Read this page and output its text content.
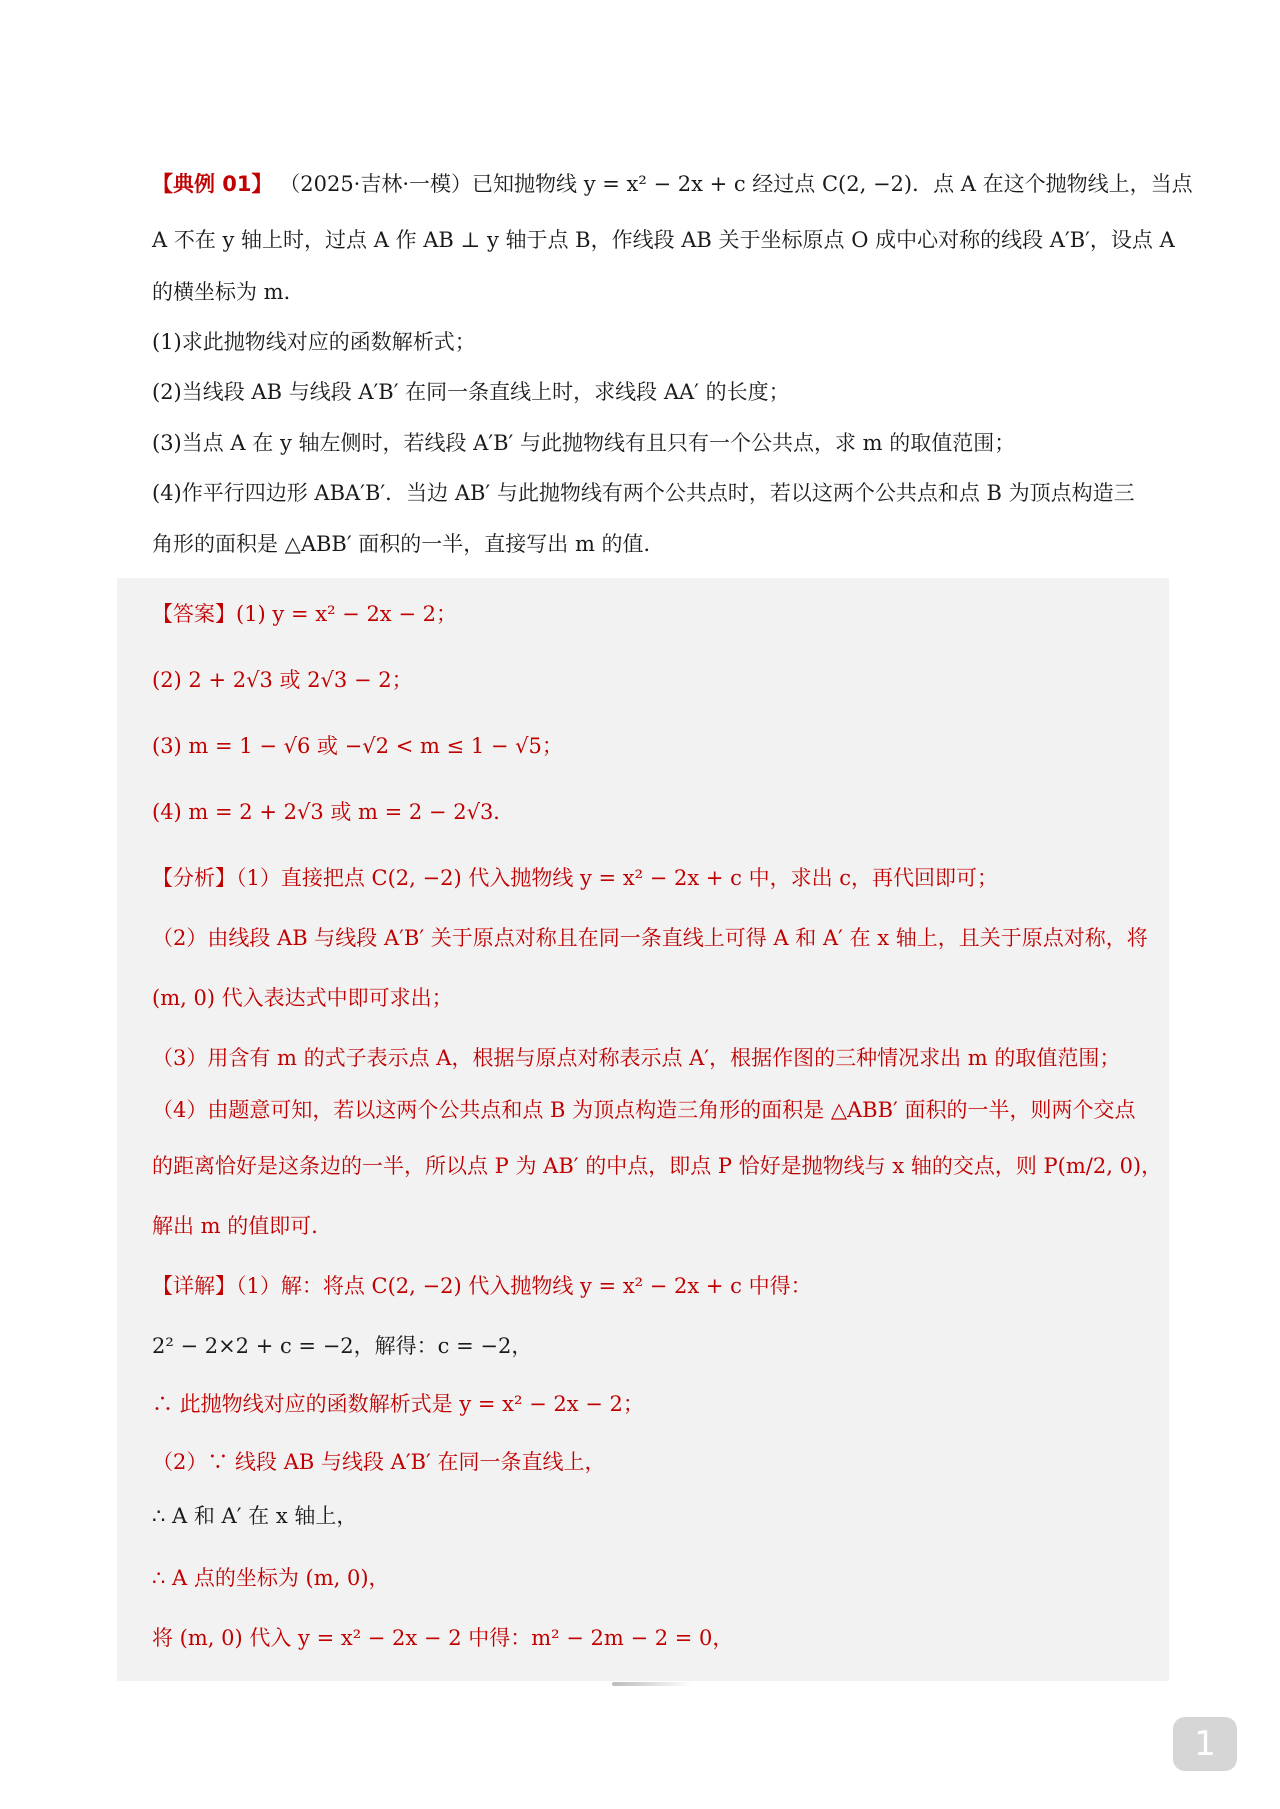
【典例 01】 （2025·吉林·一模）已知抛物线 y = x² − 2x + c 经过点 C(2, −2)．点 A 在这个抛物线上，当点
A 不在 y 轴上时，过点 A 作 AB ⊥ y 轴于点 B，作线段 AB 关于坐标原点 O 成中心对称的线段 A′B′，设点 A
的横坐标为 m．
(1)求此抛物线对应的函数解析式；
(2)当线段 AB 与线段 A′B′ 在同一条直线上时，求线段 AA′ 的长度；
(3)当点 A 在 y 轴左侧时，若线段 A′B′ 与此抛物线有且只有一个公共点，求 m 的取值范围；
(4)作平行四边形 ABA′B′．当边 AB′ 与此抛物线有两个公共点时，若以这两个公共点和点 B 为顶点构造三
角形的面积是 △ABB′ 面积的一半，直接写出 m 的值．
【答案】(1) y = x² − 2x − 2；
(2) 2 + 2√3 或 2√3 − 2；
(3) m = 1 − √6 或 −√2 < m ≤ 1 − √5；
(4) m = 2 + 2√3 或 m = 2 − 2√3．
【分析】（1）直接把点 C(2, −2) 代入抛物线 y = x² − 2x + c 中，求出 c，再代回即可；
（2）由线段 AB 与线段 A′B′ 关于原点对称且在同一条直线上可得 A 和 A′ 在 x 轴上，且关于原点对称，将
(m, 0) 代入表达式中即可求出；
（3）用含有 m 的式子表示点 A，根据与原点对称表示点 A′，根据作图的三种情况求出 m 的取值范围；
（4）由题意可知，若以这两个公共点和点 B 为顶点构造三角形的面积是 △ABB′ 面积的一半，则两个交点
的距离恰好是这条边的一半，所以点 P 为 AB′ 的中点，即点 P 恰好是抛物线与 x 轴的交点，则 P(m/2, 0)，
解出 m 的值即可．
【详解】（1）解：将点 C(2, −2) 代入抛物线 y = x² − 2x + c 中得：
2² − 2×2 + c = −2，解得：c = −2，
∴ 此抛物线对应的函数解析式是 y = x² − 2x − 2；
（2）∵ 线段 AB 与线段 A′B′ 在同一条直线上，
∴ A 和 A′ 在 x 轴上，
∴ A 点的坐标为 (m, 0)，
将 (m, 0) 代入 y = x² − 2x − 2 中得：m² − 2m − 2 = 0，
1
